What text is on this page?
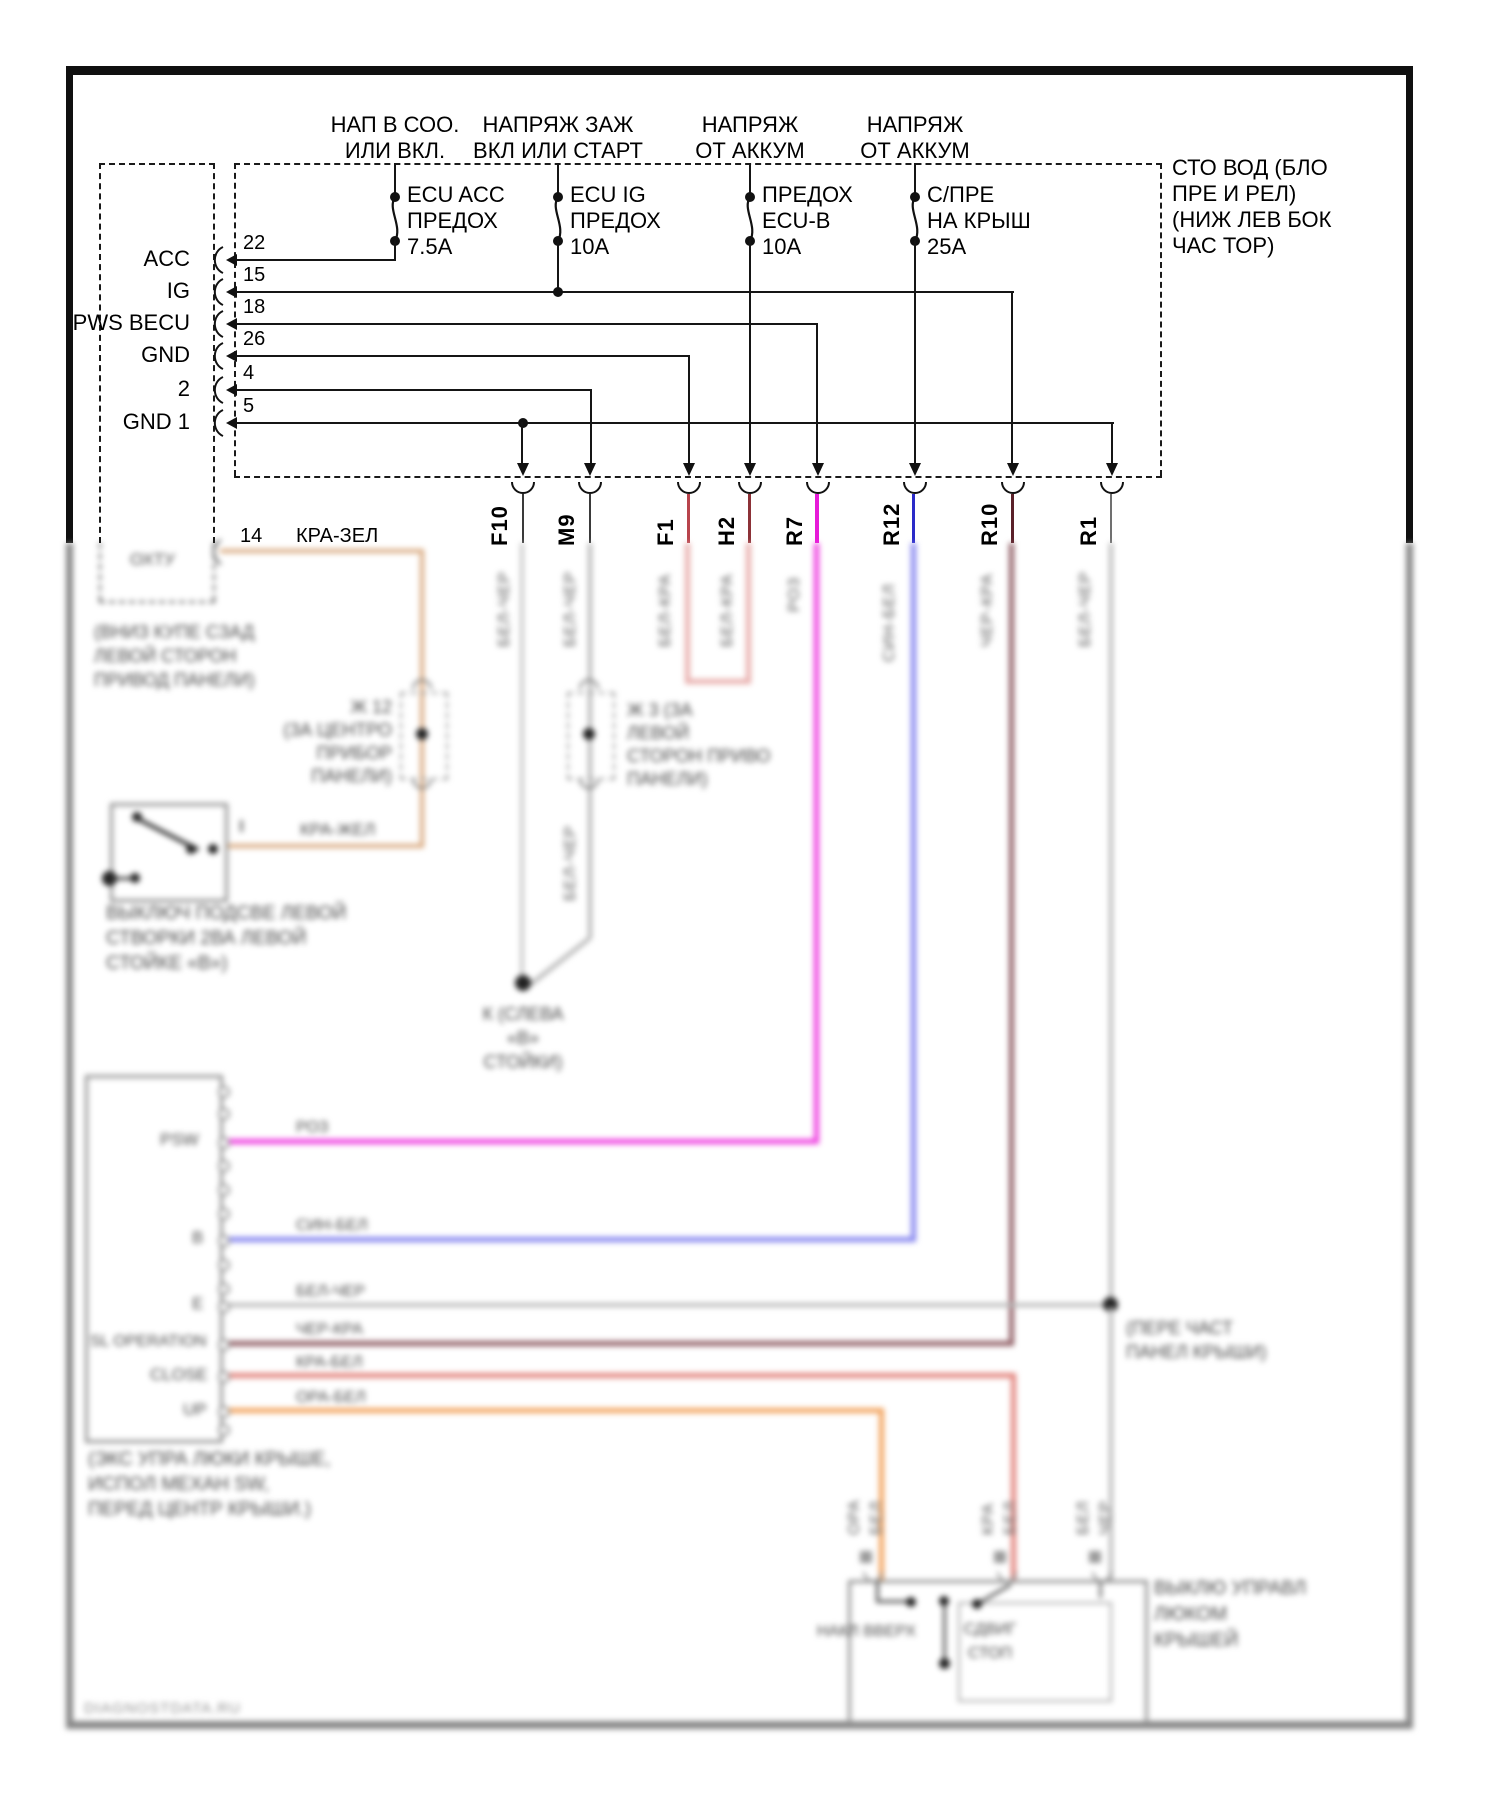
НАП В СОО.
ИЛИ ВКЛ.
НАПРЯЖ ЗАЖ
ВКЛ ИЛИ СТАРТ
НАПРЯЖ
ОТ АККУМ
НАПРЯЖ
ОТ АККУМ
СТО ВОД (БЛО
ПРЕ И РЕЛ)
(НИЖ ЛЕВ БОК
ЧАС ТОР)
ECU ACC
ПРЕДОХ
7.5A
ECU IG
ПРЕДОХ
10A
ПРЕДОХ
ECU-B
10A
С/ПРЕ
НА КРЫШ
25A
ACC
22
IG
15
PWS BECU
18
GND
26
2
4
GND 1
5
F10 M9	F1 H2 R7	R12	R10	R1
14 КРА-ЗЕЛ
ОХТУ
(ВНИЗ КУПЕ СЗАД
ЛЕВОЙ СТОРОН
ПРИВОД ПАНЕЛИ)
Ж 12
(ЗА ЦЕНТРО
ПРИБОР
ПАНЕЛИ)
КРА-ЖЕЛ
ВЫКЛЮЧ ПОДСВЕ ЛЕВОЙ
СТВОРКИ 2ВА ЛЕВОЙ
СТОЙКЕ «В»)
К (СЛЕВА
«В»
СТОЙКИ)
Ж 3 (ЗА
ЛЕВОЙ
СТОРОН ПРИВО
ПАНЕЛИ)
БЕЛ-ЧЕР	БЕЛ-ЧЕР
БЕЛ-ЧЕР
БЕЛ-КРА	БЕЛ-КРА	РОЗ	СИН-БЕЛ	ЧЕР-КРА	БЕЛ-ЧЕР
(ПЕРЕ ЧАСТ
ПАНЕЛ КРЫШИ)
PSW
B
E
SL OPERATION
CLOSE
UP
РОЗ
СИН-БЕЛ
БЕЛ-ЧЕР
ЧЕР-КРА
КРА-БЕЛ
ОРА-БЕЛ
(ЭКС УПРА ЛЮКИ КРЫШЕ,
ИСПОЛ МЕХАН SW,
ПЕРЕД ЦЕНТР КРЫШИ.)
НАКЛ ВВЕРХ	СДВИГ
СТОП
ВЫКЛЮ УПРАВЛ
ЛЮКОМ
КРЫШЕЙ
ОРА БЕЛ	КРА БЕЛ	БЕЛ ЧЕР
DIAGNOSTDATA.RU
